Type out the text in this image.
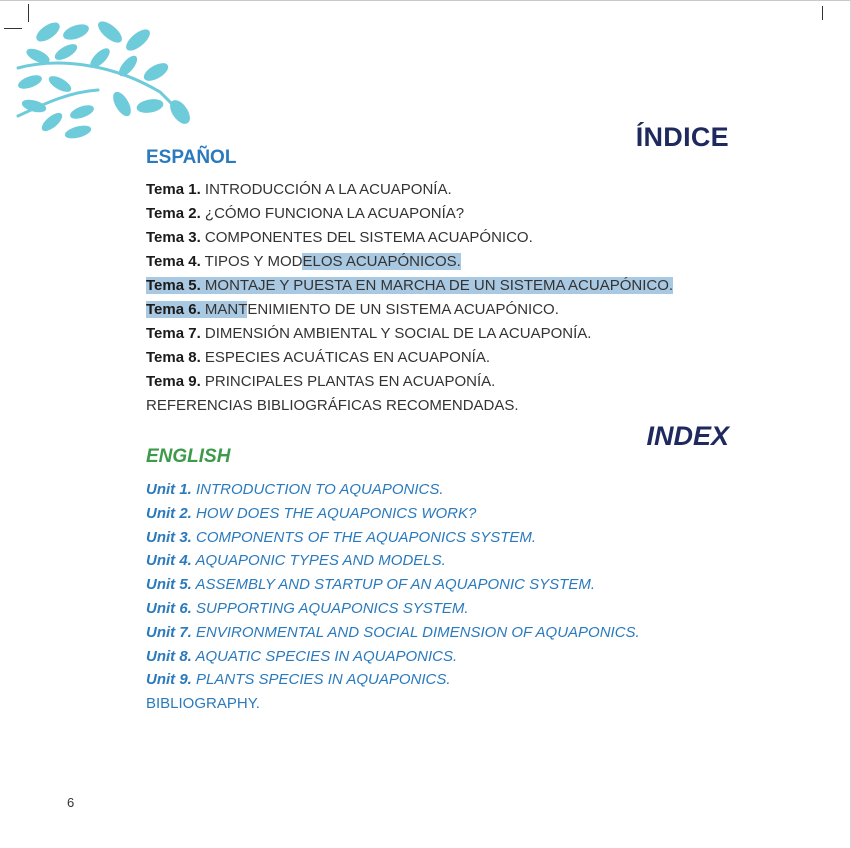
ÍNDICE
ESPAÑOL
Tema 1. INTRODUCCIÓN A LA ACUAPONÍA.
Tema 2. ¿CÓMO FUNCIONA LA ACUAPONÍA?
Tema 3. COMPONENTES DEL SISTEMA ACUAPÓNICO.
Tema 4. TIPOS Y MODELOS ACUAPÓNICOS.
Tema 5. MONTAJE Y PUESTA EN MARCHA DE UN SISTEMA ACUAPÓNICO.
Tema 6. MANTENIMIENTO DE UN SISTEMA ACUAPÓNICO.
Tema 7. DIMENSIÓN AMBIENTAL Y SOCIAL DE LA ACUAPONÍA.
Tema 8. ESPECIES ACUÁTICAS EN ACUAPONÍA.
Tema 9. PRINCIPALES PLANTAS EN ACUAPONÍA.
REFERENCIAS BIBLIOGRÁFICAS RECOMENDADAS.
INDEX
ENGLISH
Unit 1. INTRODUCTION TO AQUAPONICS.
Unit 2. HOW DOES THE AQUAPONICS WORK?
Unit 3. COMPONENTS OF THE AQUAPONICS SYSTEM.
Unit 4. AQUAPONIC TYPES AND MODELS.
Unit 5. ASSEMBLY AND STARTUP OF AN AQUAPONIC SYSTEM.
Unit 6. SUPPORTING AQUAPONICS SYSTEM.
Unit 7. ENVIRONMENTAL AND SOCIAL DIMENSION OF AQUAPONICS.
Unit 8. AQUATIC SPECIES IN AQUAPONICS.
Unit 9. PLANTS SPECIES IN AQUAPONICS.
BIBLIOGRAPHY.
6
